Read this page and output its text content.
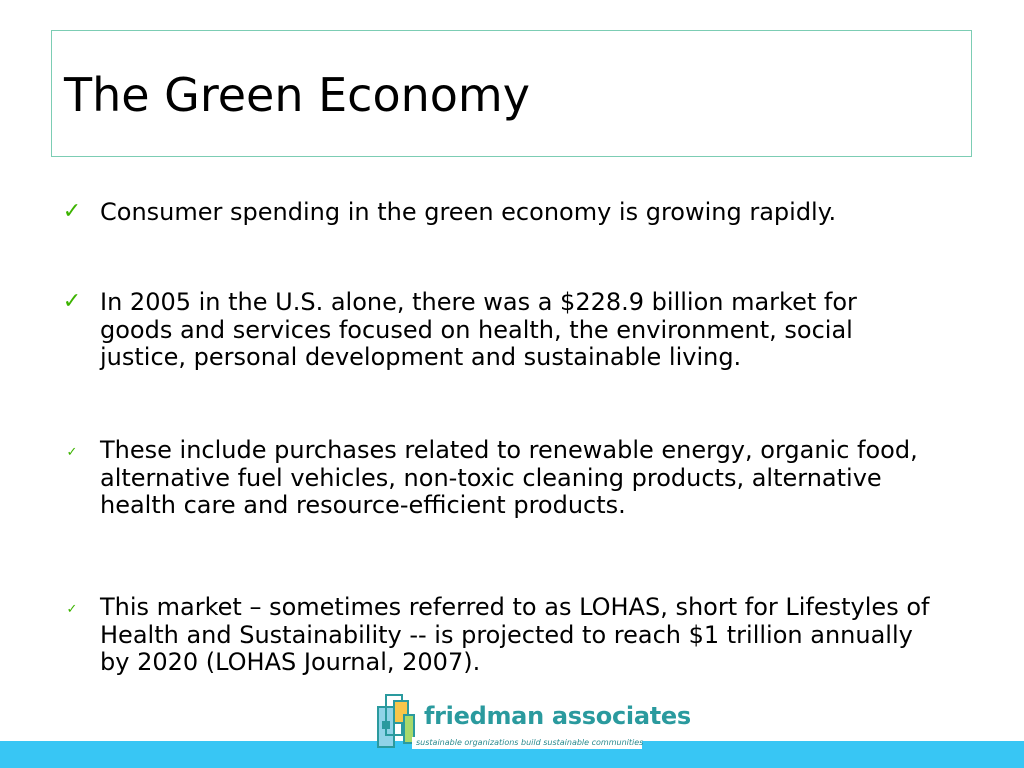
The Green Economy
✓ Consumer spending in the green economy is growing rapidly.
✓ In 2005 in the U.S. alone, there was a $228.9 billion market for goods and services focused on health, the environment, social justice, personal development and sustainable living.
✓ These include purchases related to renewable energy, organic food, alternative fuel vehicles, non-toxic cleaning products, alternative health care and resource-efficient products.
✓ This market – sometimes referred to as LOHAS, short for Lifestyles of Health and Sustainability -- is projected to reach $1 trillion annually by 2020 (LOHAS Journal, 2007).
friedman associates
sustainable organizations build sustainable communities
